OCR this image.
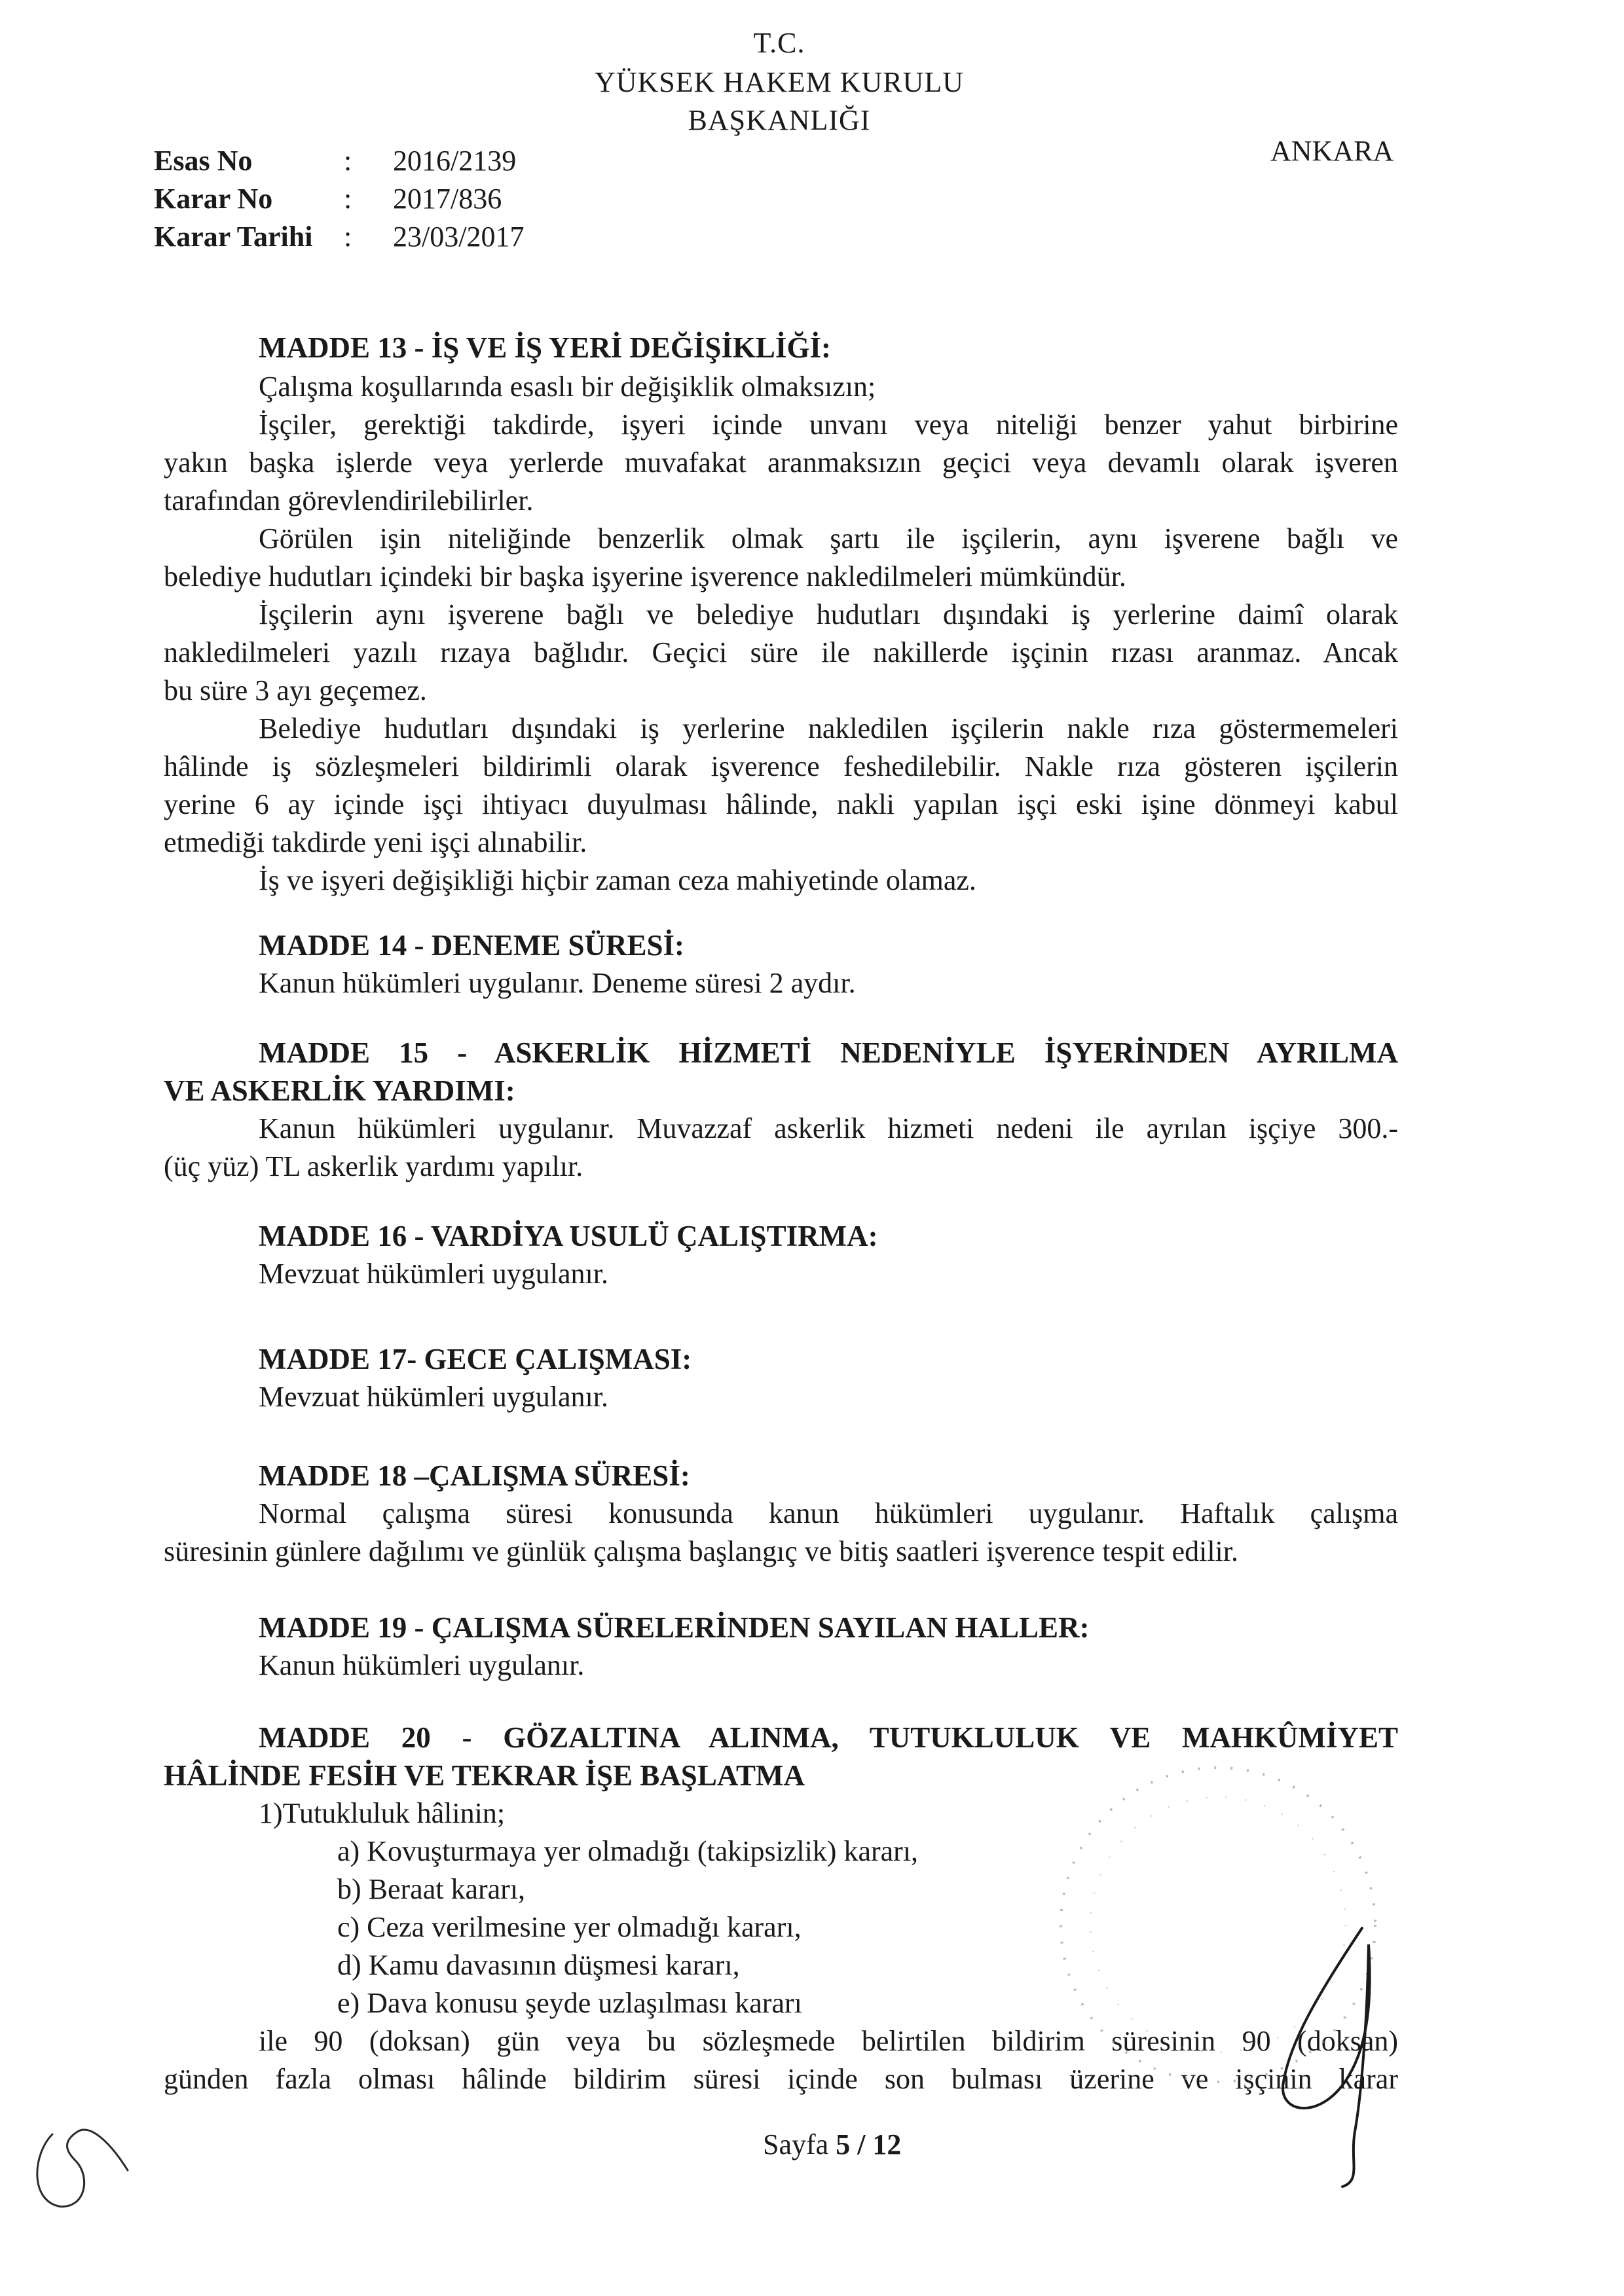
T.C.
YÜKSEK HAKEM KURULU
BAŞKANLIĞI
ANKARA
Esas No	: 2016/2139
Karar No : 2017/836
Karar Tarihi : 23/03/2017
MADDE 13 - İŞ VE İŞ YERİ DEĞİŞİKLİĞİ:
Çalışma koşullarında esaslı bir değişiklik olmaksızın;
İşçiler, gerektiği takdirde, işyeri içinde unvanı veya niteliği benzer yahut birbirine
yakın başka işlerde veya yerlerde muvafakat aranmaksızın geçici veya devamlı olarak işveren
tarafından görevlendirilebilirler.
Görülen işin niteliğinde benzerlik olmak şartı ile işçilerin, aynı işverene bağlı ve
belediye hudutları içindeki bir başka işyerine işverence nakledilmeleri mümkündür.
İşçilerin aynı işverene bağlı ve belediye hudutları dışındaki iş yerlerine daimî olarak
nakledilmeleri yazılı rızaya bağlıdır. Geçici süre ile nakillerde işçinin rızası aranmaz. Ancak
bu süre 3 ayı geçemez.
Belediye hudutları dışındaki iş yerlerine nakledilen işçilerin nakle rıza göstermemeleri
hâlinde iş sözleşmeleri bildirimli olarak işverence feshedilebilir. Nakle rıza gösteren işçilerin
yerine 6 ay içinde işçi ihtiyacı duyulması hâlinde, nakli yapılan işçi eski işine dönmeyi kabul
etmediği takdirde yeni işçi alınabilir.
İş ve işyeri değişikliği hiçbir zaman ceza mahiyetinde olamaz.
MADDE 14 - DENEME SÜRESİ:
Kanun hükümleri uygulanır. Deneme süresi 2 aydır.
MADDE 15 - ASKERLİK HİZMETİ NEDENİYLE İŞYERİNDEN AYRILMA
VE ASKERLİK YARDIMI:
Kanun hükümleri uygulanır. Muvazzaf askerlik hizmeti nedeni ile ayrılan işçiye 300.-
(üç yüz) TL askerlik yardımı yapılır.
MADDE 16 - VARDİYA USULÜ ÇALIŞTIRMA:
Mevzuat hükümleri uygulanır.
MADDE 17- GECE ÇALIŞMASI:
Mevzuat hükümleri uygulanır.
MADDE 18 –ÇALIŞMA SÜRESİ:
Normal çalışma süresi konusunda kanun hükümleri uygulanır. Haftalık çalışma
süresinin günlere dağılımı ve günlük çalışma başlangıç ve bitiş saatleri işverence tespit edilir.
MADDE 19 - ÇALIŞMA SÜRELERİNDEN SAYILAN HALLER:
Kanun hükümleri uygulanır.
MADDE 20 - GÖZALTINA ALINMA, TUTUKLULUK VE MAHKÛMİYET
HÂLİNDE FESİH VE TEKRAR İŞE BAŞLATMA
1)Tutukluluk hâlinin;
a) Kovuşturmaya yer olmadığı (takipsizlik) kararı,
b) Beraat kararı,
c) Ceza verilmesine yer olmadığı kararı,
d) Kamu davasının düşmesi kararı,
e) Dava konusu şeyde uzlaşılması kararı
ile 90 (doksan) gün veya bu sözleşmede belirtilen bildirim süresinin 90 (doksan)
günden fazla olması hâlinde bildirim süresi içinde son bulması üzerine ve işçinin karar
Sayfa 5 / 12
